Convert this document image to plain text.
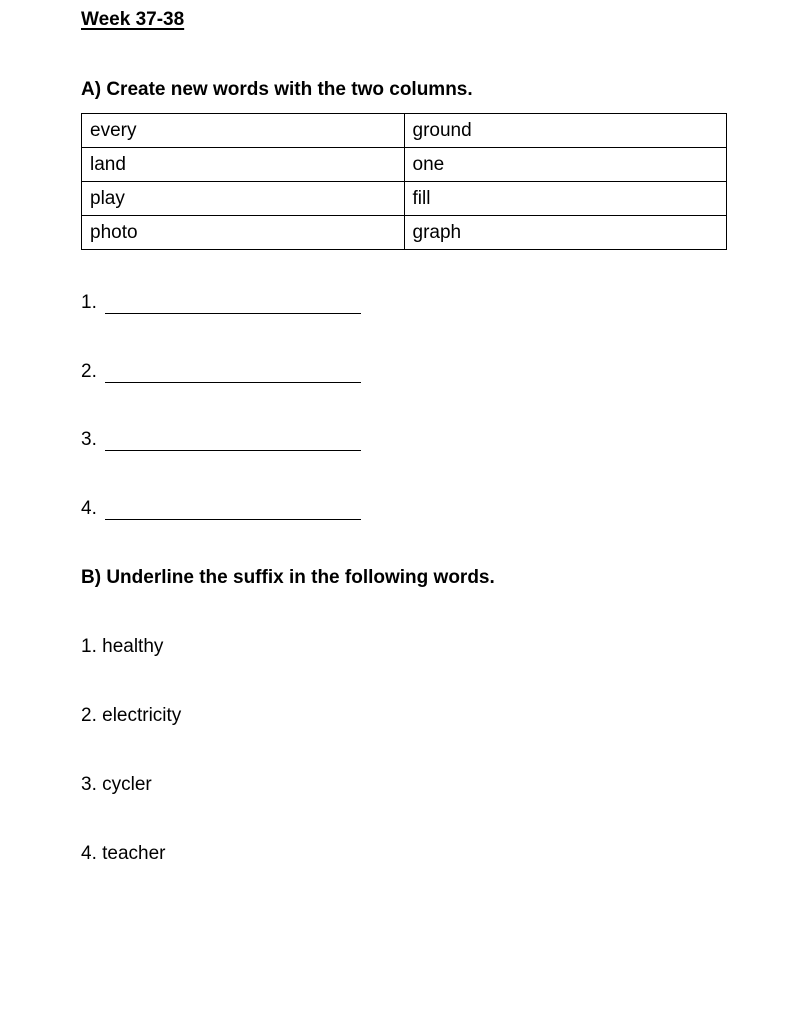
Week 37-38
A) Create new words with the two columns.
every	ground
land	one
play	fill
photo	graph
1.
2.
3.
4.
B) Underline the suffix in the following words.
1. healthy
2. electricity
3. cycler
4. teacher
